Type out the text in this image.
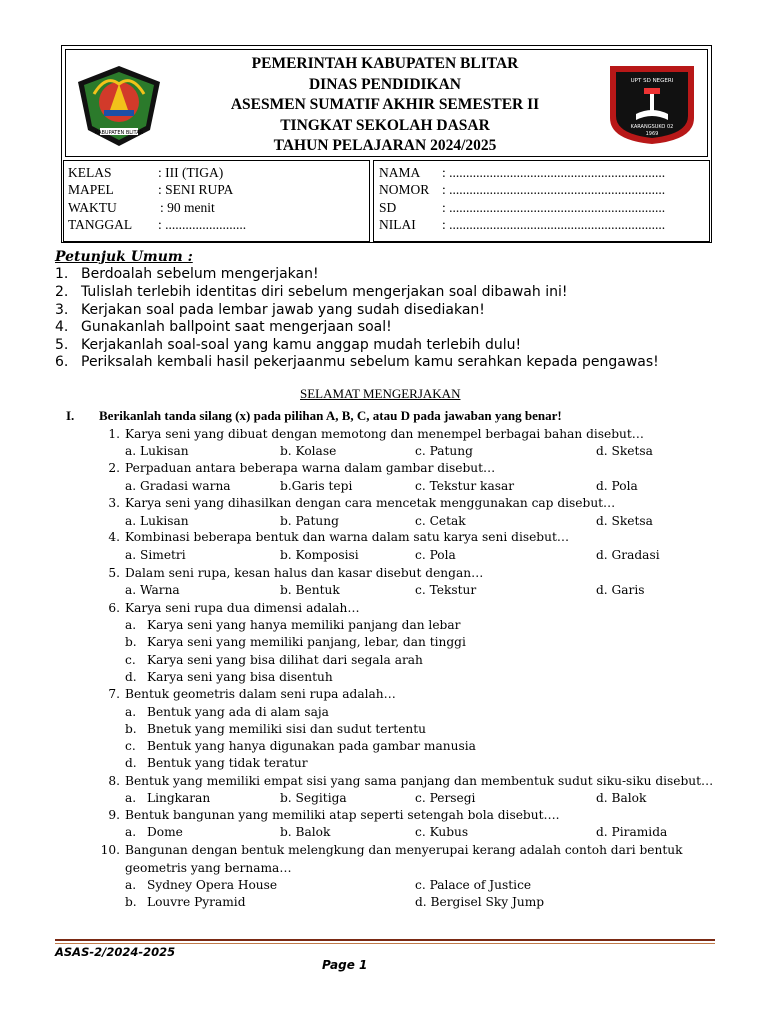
KABUPATEN BLITAR
PEMERINTAH KABUPATEN BLITAR
DINAS PENDIDIKAN
ASESMEN SUMATIF AKHIR SEMESTER II
TINGKAT SEKOLAH DASAR
TAHUN PELAJARAN 2024/2025
UPT SD NEGERI
KARANGSUKO 02
1969
KELAS	: III (TIGA)
MAPEL	: SENI RUPA
WAKTU	: 90 menit
TANGGAL : ........................
NAMA : ................................................................
NOMOR : ................................................................
SD	: ................................................................
NILAI : ................................................................
Petunjuk Umum :
1. Berdoalah sebelum mengerjakan!
2. Tulislah terlebih identitas diri sebelum mengerjakan soal dibawah ini!
3. Kerjakan soal pada lembar jawab yang sudah disediakan!
4. Gunakanlah ballpoint saat mengerjaan soal!
5. Kerjakanlah soal-soal yang kamu anggap mudah terlebih dulu!
6. Periksalah kembali hasil pekerjaanmu sebelum kamu serahkan kepada pengawas!
SELAMAT MENGERJAKAN
I. Berikanlah tanda silang (x) pada pilihan A, B, C, atau D pada jawaban yang benar!
1. Karya seni yang dibuat dengan memotong dan menempel berbagai bahan disebut…
a. Lukisan	b. Kolase	c. Patung	d. Sketsa
2. Perpaduan antara beberapa warna dalam gambar disebut…
a. Gradasi warna	b.Garis tepi	c. Tekstur kasar	d. Pola
3. Karya seni yang dihasilkan dengan cara mencetak menggunakan cap disebut…
a. Lukisan	b. Patung	c. Cetak	d. Sketsa
4. Kombinasi beberapa bentuk dan warna dalam satu karya seni disebut…
a. Simetri	b. Komposisi	c. Pola	d. Gradasi
5. Dalam seni rupa, kesan halus dan kasar disebut dengan…
a. Warna	b. Bentuk	c. Tekstur	d. Garis
6. Karya seni rupa dua dimensi adalah…
a. Karya seni yang hanya memiliki panjang dan lebar
b. Karya seni yang memiliki panjang, lebar, dan tinggi
c. Karya seni yang bisa dilihat dari segala arah
d. Karya seni yang bisa disentuh
7. Bentuk geometris dalam seni rupa adalah…
a. Bentuk yang ada di alam saja
b. Bnetuk yang memiliki sisi dan sudut tertentu
c. Bentuk yang hanya digunakan pada gambar manusia
d. Bentuk yang tidak teratur
8. Bentuk yang memiliki empat sisi yang sama panjang dan membentuk sudut siku-siku disebut…
a. Lingkaran	b. Segitiga	c. Persegi	d. Balok
9. Bentuk bangunan yang memiliki atap seperti setengah bola disebut….
a. Dome	b. Balok	c. Kubus	d. Piramida
10. Bangunan dengan bentuk melengkung dan menyerupai kerang adalah contoh dari bentuk
geometris yang bernama…
a. Sydney Opera House	c. Palace of Justice
b. Louvre Pyramid	d. Bergisel Sky Jump
ASAS-2/2024-2025
Page 1
